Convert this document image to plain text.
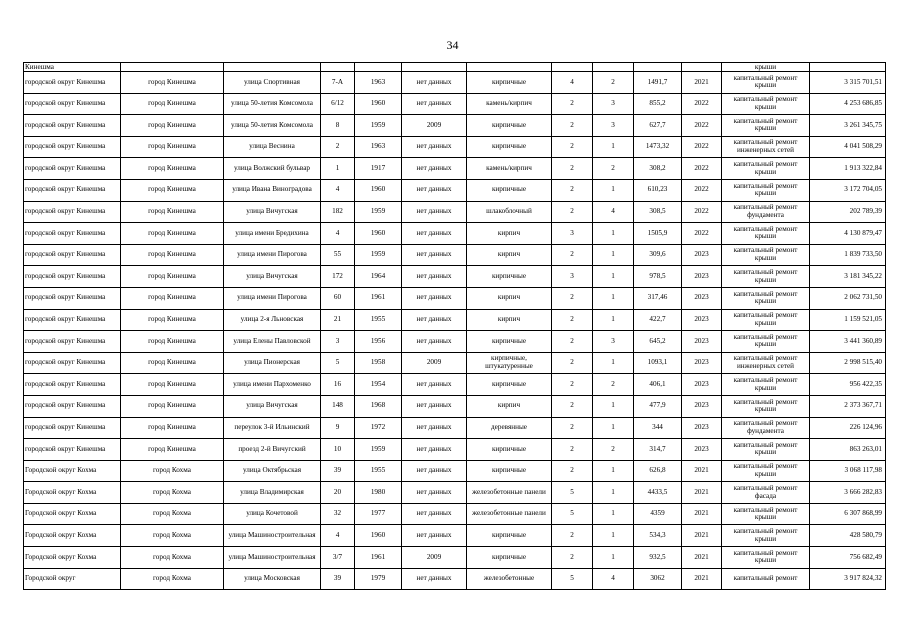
34
Кинешма											крыши	
городской округ Кинешма	город Кинешма	улица Спортивная	7-А	1963	нет данных	кирпичные	4	2	1491,7	2021	капитальный ремонт крыши	3 315 701,51
городской округ Кинешма	город Кинешма	улица 50-летия Комсомола	6/12	1960	нет данных	камень/кирпич	2	3	855,2	2022	капитальный ремонт крыши	4 253 686,85
городской округ Кинешма	город Кинешма	улица 50-летия Комсомола	8	1959	2009	кирпичные	2	3	627,7	2022	капитальный ремонт крыши	3 261 345,75
городской округ Кинешма	город Кинешма	улица Веснина	2	1963	нет данных	кирпичные	2	1	1473,32	2022	капитальный ремонт инженерных сетей	4 041 508,29
городской округ Кинешма	город Кинешма	улица Волжский бульвар	1	1917	нет данных	камень/кирпич	2	2	308,2	2022	капитальный ремонт крыши	1 913 322,84
городской округ Кинешма	город Кинешма	улица Ивана Виноградова	4	1960	нет данных	кирпичные	2	1	610,23	2022	капитальный ремонт крыши	3 172 704,05
городской округ Кинешма	город Кинешма	улица Вичугская	182	1959	нет данных	шлакоблочный	2	4	308,5	2022	капитальный ремонт фундамента	202 789,39
городской округ Кинешма	город Кинешма	улица имени Бредихина	4	1960	нет данных	кирпич	3	1	1505,9	2022	капитальный ремонт крыши	4 130 879,47
городской округ Кинешма	город Кинешма	улица имени Пирогова	55	1959	нет данных	кирпич	2	1	309,6	2023	капитальный ремонт крыши	1 839 733,50
городской округ Кинешма	город Кинешма	улица Вичугская	172	1964	нет данных	кирпичные	3	1	978,5	2023	капитальный ремонт крыши	3 181 345,22
городской округ Кинешма	город Кинешма	улица имени Пирогова	60	1961	нет данных	кирпич	2	1	317,46	2023	капитальный ремонт крыши	2 062 731,50
городской округ Кинешма	город Кинешма	улица 2-я Льновская	21	1955	нет данных	кирпич	2	1	422,7	2023	капитальный ремонт крыши	1 159 521,05
городской округ Кинешма	город Кинешма	улица Елены Павловской	3	1956	нет данных	кирпичные	2	3	645,2	2023	капитальный ремонт крыши	3 441 360,89
городской округ Кинешма	город Кинешма	улица Пионерская	5	1958	2009	кирпичные, штукатуренные	2	1	1093,1	2023	капитальный ремонт инженерных сетей	2 998 515,40
городской округ Кинешма	город Кинешма	улица имени Пархоменко	16	1954	нет данных	кирпичные	2	2	406,1	2023	капитальный ремонт крыши	956 422,35
городской округ Кинешма	город Кинешма	улица Вичугская	148	1968	нет данных	кирпич	2	1	477,9	2023	капитальный ремонт крыши	2 373 367,71
городской округ Кинешма	город Кинешма	переулок 3-й Ильинский	9	1972	нет данных	деревянные	2	1	344	2023	капитальный ремонт фундамента	226 124,96
городской округ Кинешма	город Кинешма	проезд 2-й Вичугский	10	1959	нет данных	кирпичные	2	2	314,7	2023	капитальный ремонт крыши	863 263,01
Городской округ Кохма	город Кохма	улица Октябрьская	39	1955	нет данных	кирпичные	2	1	626,8	2021	капитальный ремонт крыши	3 068 117,98
Городской округ Кохма	город Кохма	улица Владимирская	20	1980	нет данных	железобетонные панели	5	1	4433,5	2021	капитальный ремонт фасада	3 666 282,83
Городской округ Кохма	город Кохма	улица Кочетовой	32	1977	нет данных	железобетонные панели	5	1	4359	2021	капитальный ремонт крыши	6 307 868,99
Городской округ Кохма	город Кохма	улица Машиностроительная	4	1960	нет данных	кирпичные	2	1	534,3	2021	капитальный ремонт крыши	428 580,79
Городской округ Кохма	город Кохма	улица Машиностроительная	3/7	1961	2009	кирпичные	2	1	932,5	2021	капитальный ремонт крыши	756 682,49
Городской округ	город Кохма	улица Московская	39	1979	нет данных	железобетонные	5	4	3062	2021	капитальный ремонт	3 917 824,32
